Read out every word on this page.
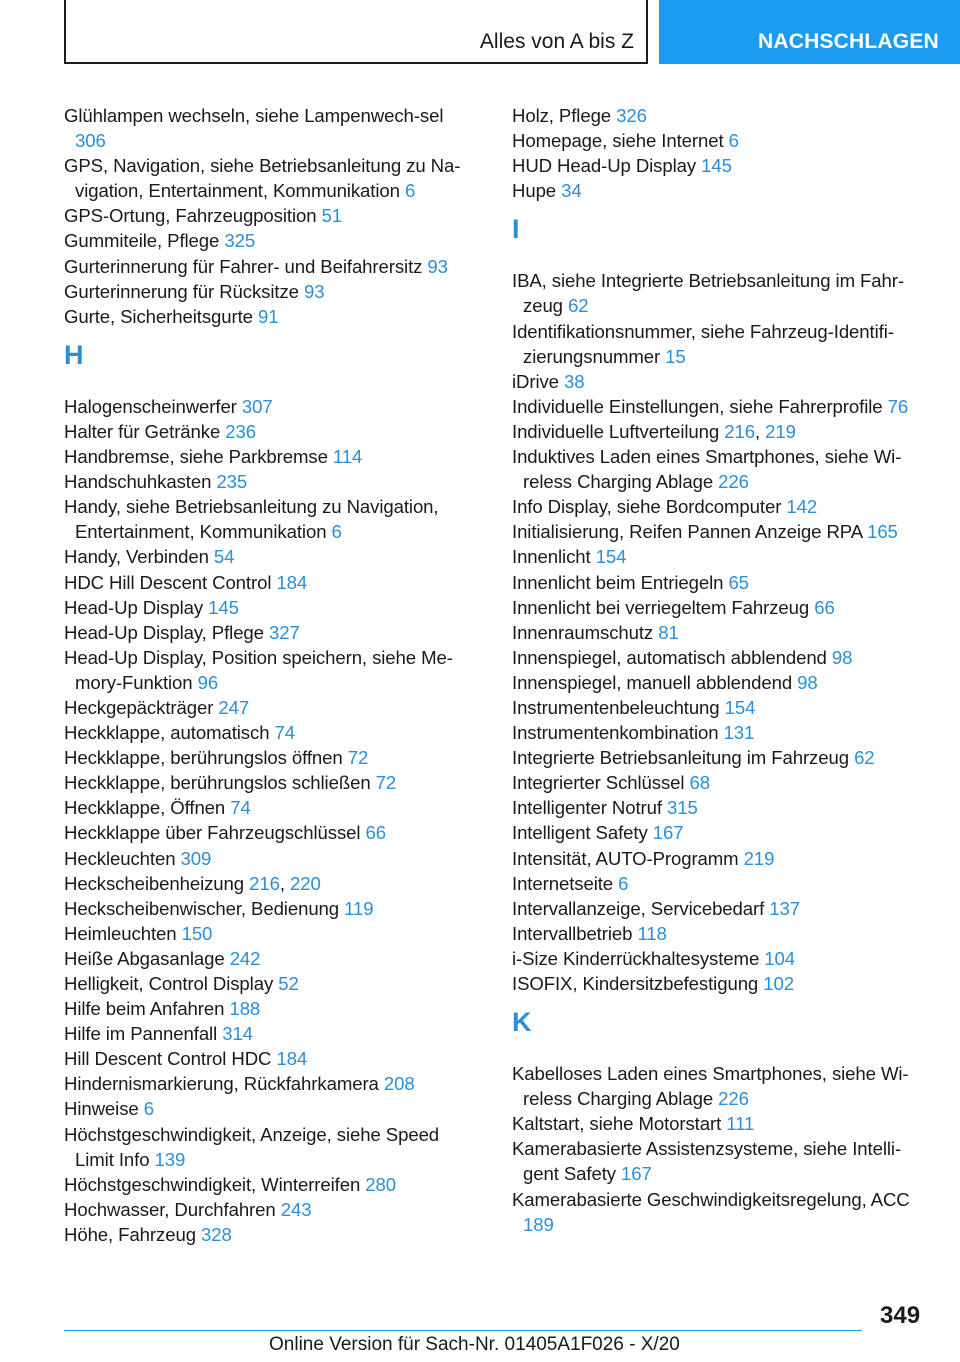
Alles von A bis Z	NACHSCHLAGEN
Glühlampen wechseln, siehe Lampenwech‐sel 306
GPS, Navigation, siehe Betriebsanleitung zu Na‐vigation, Entertainment, Kommunikation 6
GPS-Ortung, Fahrzeugposition 51
Gummiteile, Pflege 325
Gurterinnerung für Fahrer- und Beifahrersitz 93
Gurterinnerung für Rücksitze 93
Gurte, Sicherheitsgurte 91
H
Halogenscheinwerfer 307
Halter für Getränke 236
Handbremse, siehe Parkbremse 114
Handschuhkasten 235
Handy, siehe Betriebsanleitung zu Navigation, Entertainment, Kommunikation 6
Handy, Verbinden 54
HDC Hill Descent Control 184
Head-Up Display 145
Head-Up Display, Pflege 327
Head-Up Display, Position speichern, siehe Me‐mory-Funktion 96
Heckgepäckträger 247
Heckklappe, automatisch 74
Heckklappe, berührungslos öffnen 72
Heckklappe, berührungslos schließen 72
Heckklappe, Öffnen 74
Heckklappe über Fahrzeugschlüssel 66
Heckleuchten 309
Heckscheibenheizung 216, 220
Heckscheibenwischer, Bedienung 119
Heimleuchten 150
Heiße Abgasanlage 242
Helligkeit, Control Display 52
Hilfe beim Anfahren 188
Hilfe im Pannenfall 314
Hill Descent Control HDC 184
Hindernismarkierung, Rückfahrkamera 208
Hinweise 6
Höchstgeschwindigkeit, Anzeige, siehe Speed Limit Info 139
Höchstgeschwindigkeit, Winterreifen 280
Hochwasser, Durchfahren 243
Höhe, Fahrzeug 328
Holz, Pflege 326
Homepage, siehe Internet 6
HUD Head-Up Display 145
Hupe 34
I
IBA, siehe Integrierte Betriebsanleitung im Fahr‐zeug 62
Identifikationsnummer, siehe Fahrzeug-Identifi‐zierungsnummer 15
iDrive 38
Individuelle Einstellungen, siehe Fahrerprofile 76
Individuelle Luftverteilung 216, 219
Induktives Laden eines Smartphones, siehe Wi‐reless Charging Ablage 226
Info Display, siehe Bordcomputer 142
Initialisierung, Reifen Pannen Anzeige RPA 165
Innenlicht 154
Innenlicht beim Entriegeln 65
Innenlicht bei verriegeltem Fahrzeug 66
Innenraumschutz 81
Innenspiegel, automatisch abblendend 98
Innenspiegel, manuell abblendend 98
Instrumentenbeleuchtung 154
Instrumentenkombination 131
Integrierte Betriebsanleitung im Fahrzeug 62
Integrierter Schlüssel 68
Intelligenter Notruf 315
Intelligent Safety 167
Intensität, AUTO-Programm 219
Internetseite 6
Intervallanzeige, Servicebedarf 137
Intervallbetrieb 118
i-Size Kinderrückhaltesysteme 104
ISOFIX, Kindersitzbefestigung 102
K
Kabelloses Laden eines Smartphones, siehe Wi‐reless Charging Ablage 226
Kaltstart, siehe Motorstart 111
Kamerabasierte Assistenzsysteme, siehe Intelli‐gent Safety 167
Kamerabasierte Geschwindigkeitsregelung, ACC 189
349
Online Version für Sach-Nr. 01405A1F026 - X/20
